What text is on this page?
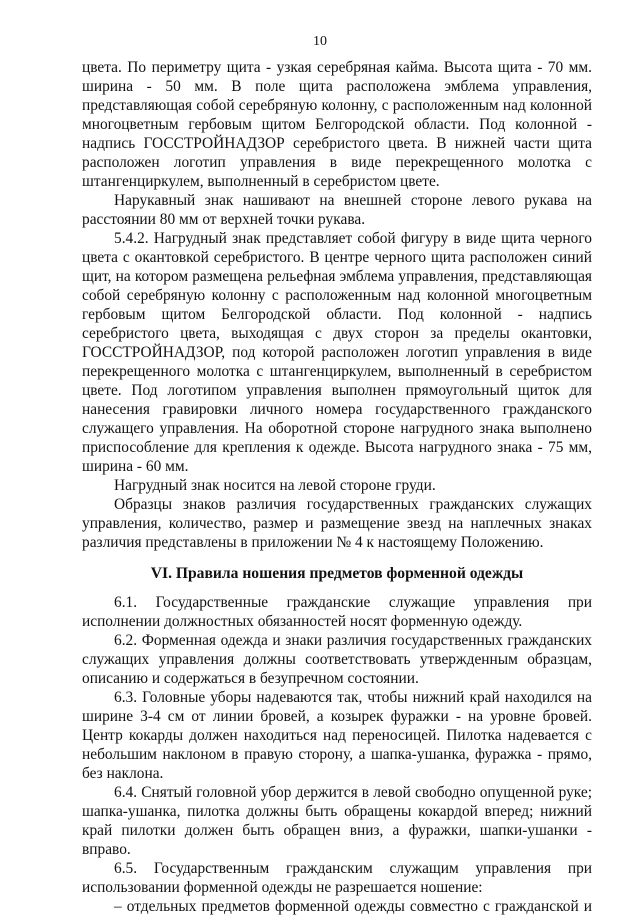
10

цвета. По периметру щита - узкая серебряная кайма. Высота щита - 70 мм. ширина - 50 мм. В поле щита расположена эмблема управления, представляющая собой серебряную колонну, с расположенным над колонной многоцветным гербовым щитом Белгородской области. Под колонной - надпись ГОССТРОЙНАДЗОР серебристого цвета. В нижней части щита расположен логотип управления в виде перекрещенного молотка с штангенциркулем, выполненный в серебристом цвете.

Нарукавный знак нашивают на внешней стороне левого рукава на расстоянии 80 мм от верхней точки рукава.

5.4.2. Нагрудный знак представляет собой фигуру в виде щита черного цвета с окантовкой серебристого. В центре черного щита расположен синий щит, на котором размещена рельефная эмблема управления, представляющая собой серебряную колонну с расположенным над колонной многоцветным гербовым щитом Белгородской области. Под колонной - надпись серебристого цвета, выходящая с двух сторон за пределы окантовки, ГОССТРОЙНАДЗОР, под которой расположен логотип управления в виде перекрещенного молотка с штангенциркулем, выполненный в серебристом цвете. Под логотипом управления выполнен прямоугольный щиток для нанесения гравировки личного номера государственного гражданского служащего управления. На оборотной стороне нагрудного знака выполнено приспособление для крепления к одежде. Высота нагрудного знака - 75 мм, ширина - 60 мм.

Нагрудный знак носится на левой стороне груди.

Образцы знаков различия государственных гражданских служащих управления, количество, размер и размещение звезд на наплечных знаках различия представлены в приложении № 4 к настоящему Положению.

VI. Правила ношения предметов форменной одежды

6.1. Государственные гражданские служащие управления при исполнении должностных обязанностей носят форменную одежду.

6.2. Форменная одежда и знаки различия государственных гражданских служащих управления должны соответствовать утвержденным образцам, описанию и содержаться в безупречном состоянии.

6.3. Головные уборы надеваются так, чтобы нижний край находился на ширине 3-4 см от линии бровей, а козырек фуражки - на уровне бровей. Центр кокарды должен находиться над переносицей. Пилотка надевается с небольшим наклоном в правую сторону, а шапка-ушанка, фуражка - прямо, без наклона.

6.4. Снятый головной убор держится в левой свободно опущенной руке; шапка-ушанка, пилотка должны быть обращены кокардой вперед; нижний край пилотки должен быть обращен вниз, а фуражки, шапки-ушанки - вправо.

6.5. Государственным гражданским служащим управления при использовании форменной одежды не разрешается ношение:

– отдельных предметов форменной одежды совместно с гражданской и
